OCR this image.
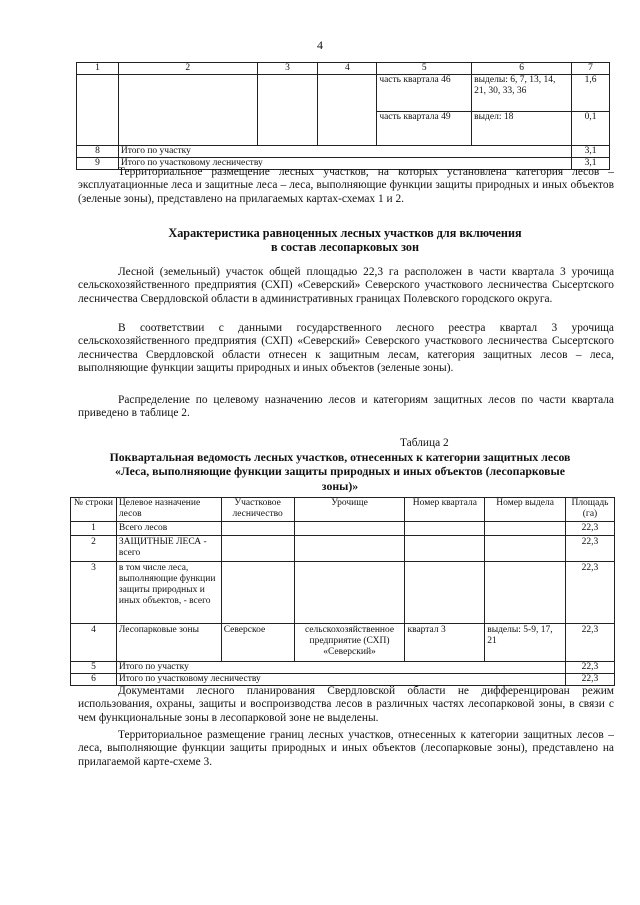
4
1	2	3	4	5	6	7
				часть квартала 46	выделы: 6, 7, 13, 14, 21, 30, 33, 36	1,6
				часть квартала 49	выдел: 18	0,1
8	Итого по участку					3,1
9	Итого по участковому лесничеству					3,1
Территориальное размещение лесных участков, на которых установлена категория лесов – эксплуатационные леса и защитные леса – леса, выполняющие функции защиты природных и иных объектов (зеленые зоны), представлено на прилагаемых картах-схемах 1 и 2.
Характеристика равноценных лесных участков для включения
в состав лесопарковых зон
Лесной (земельный) участок общей площадью 22,3 га расположен в части квартала 3 урочища сельскохозяйственного предприятия (СХП) «Северский» Северского участкового лесничества Сысертского лесничества Свердловской области в административных границах Полевского городского округа.
В соответствии с данными государственного лесного реестра квартал 3 урочища сельскохозяйственного предприятия (СХП) «Северский» Северского участкового лесничества Сысертского лесничества Свердловской области отнесен к защитным лесам, категория защитных лесов – леса, выполняющие функции защиты природных и иных объектов (зеленые зоны).
Распределение по целевому назначению лесов и категориям защитных лесов по части квартала приведено в таблице 2.
Таблица 2
Поквартальная ведомость лесных участков, отнесенных к категории защитных лесов
«Леса, выполняющие функции защиты природных и иных объектов (лесопарковые
зоны)»
№ строки	Целевое назначение лесов	Участковое лесничество	Урочище	Номер квартала	Номер выдела	Площадь (га)
1	Всего лесов					22,3
2	ЗАЩИТНЫЕ ЛЕСА - всего					22,3
3	в том числе леса, выполняющие функции защиты природных и иных объектов, - всего					22,3
4	Лесопарковые зоны	Северское	сельскохозяйственное предприятие (СХП) «Северский»	квартал 3	выделы: 5-9, 17, 21	22,3
5	Итого по участку					22,3
6	Итого по участковому лесничеству					22,3
Документами лесного планирования Свердловской области не дифференцирован режим использования, охраны, защиты и воспроизводства лесов в различных частях лесопарковой зоны, в связи с чем функциональные зоны в лесопарковой зоне не выделены.
Территориальное размещение границ лесных участков, отнесенных к категории защитных лесов – леса, выполняющие функции защиты природных и иных объектов (лесопарковые зоны), представлено на прилагаемой карте-схеме 3.
